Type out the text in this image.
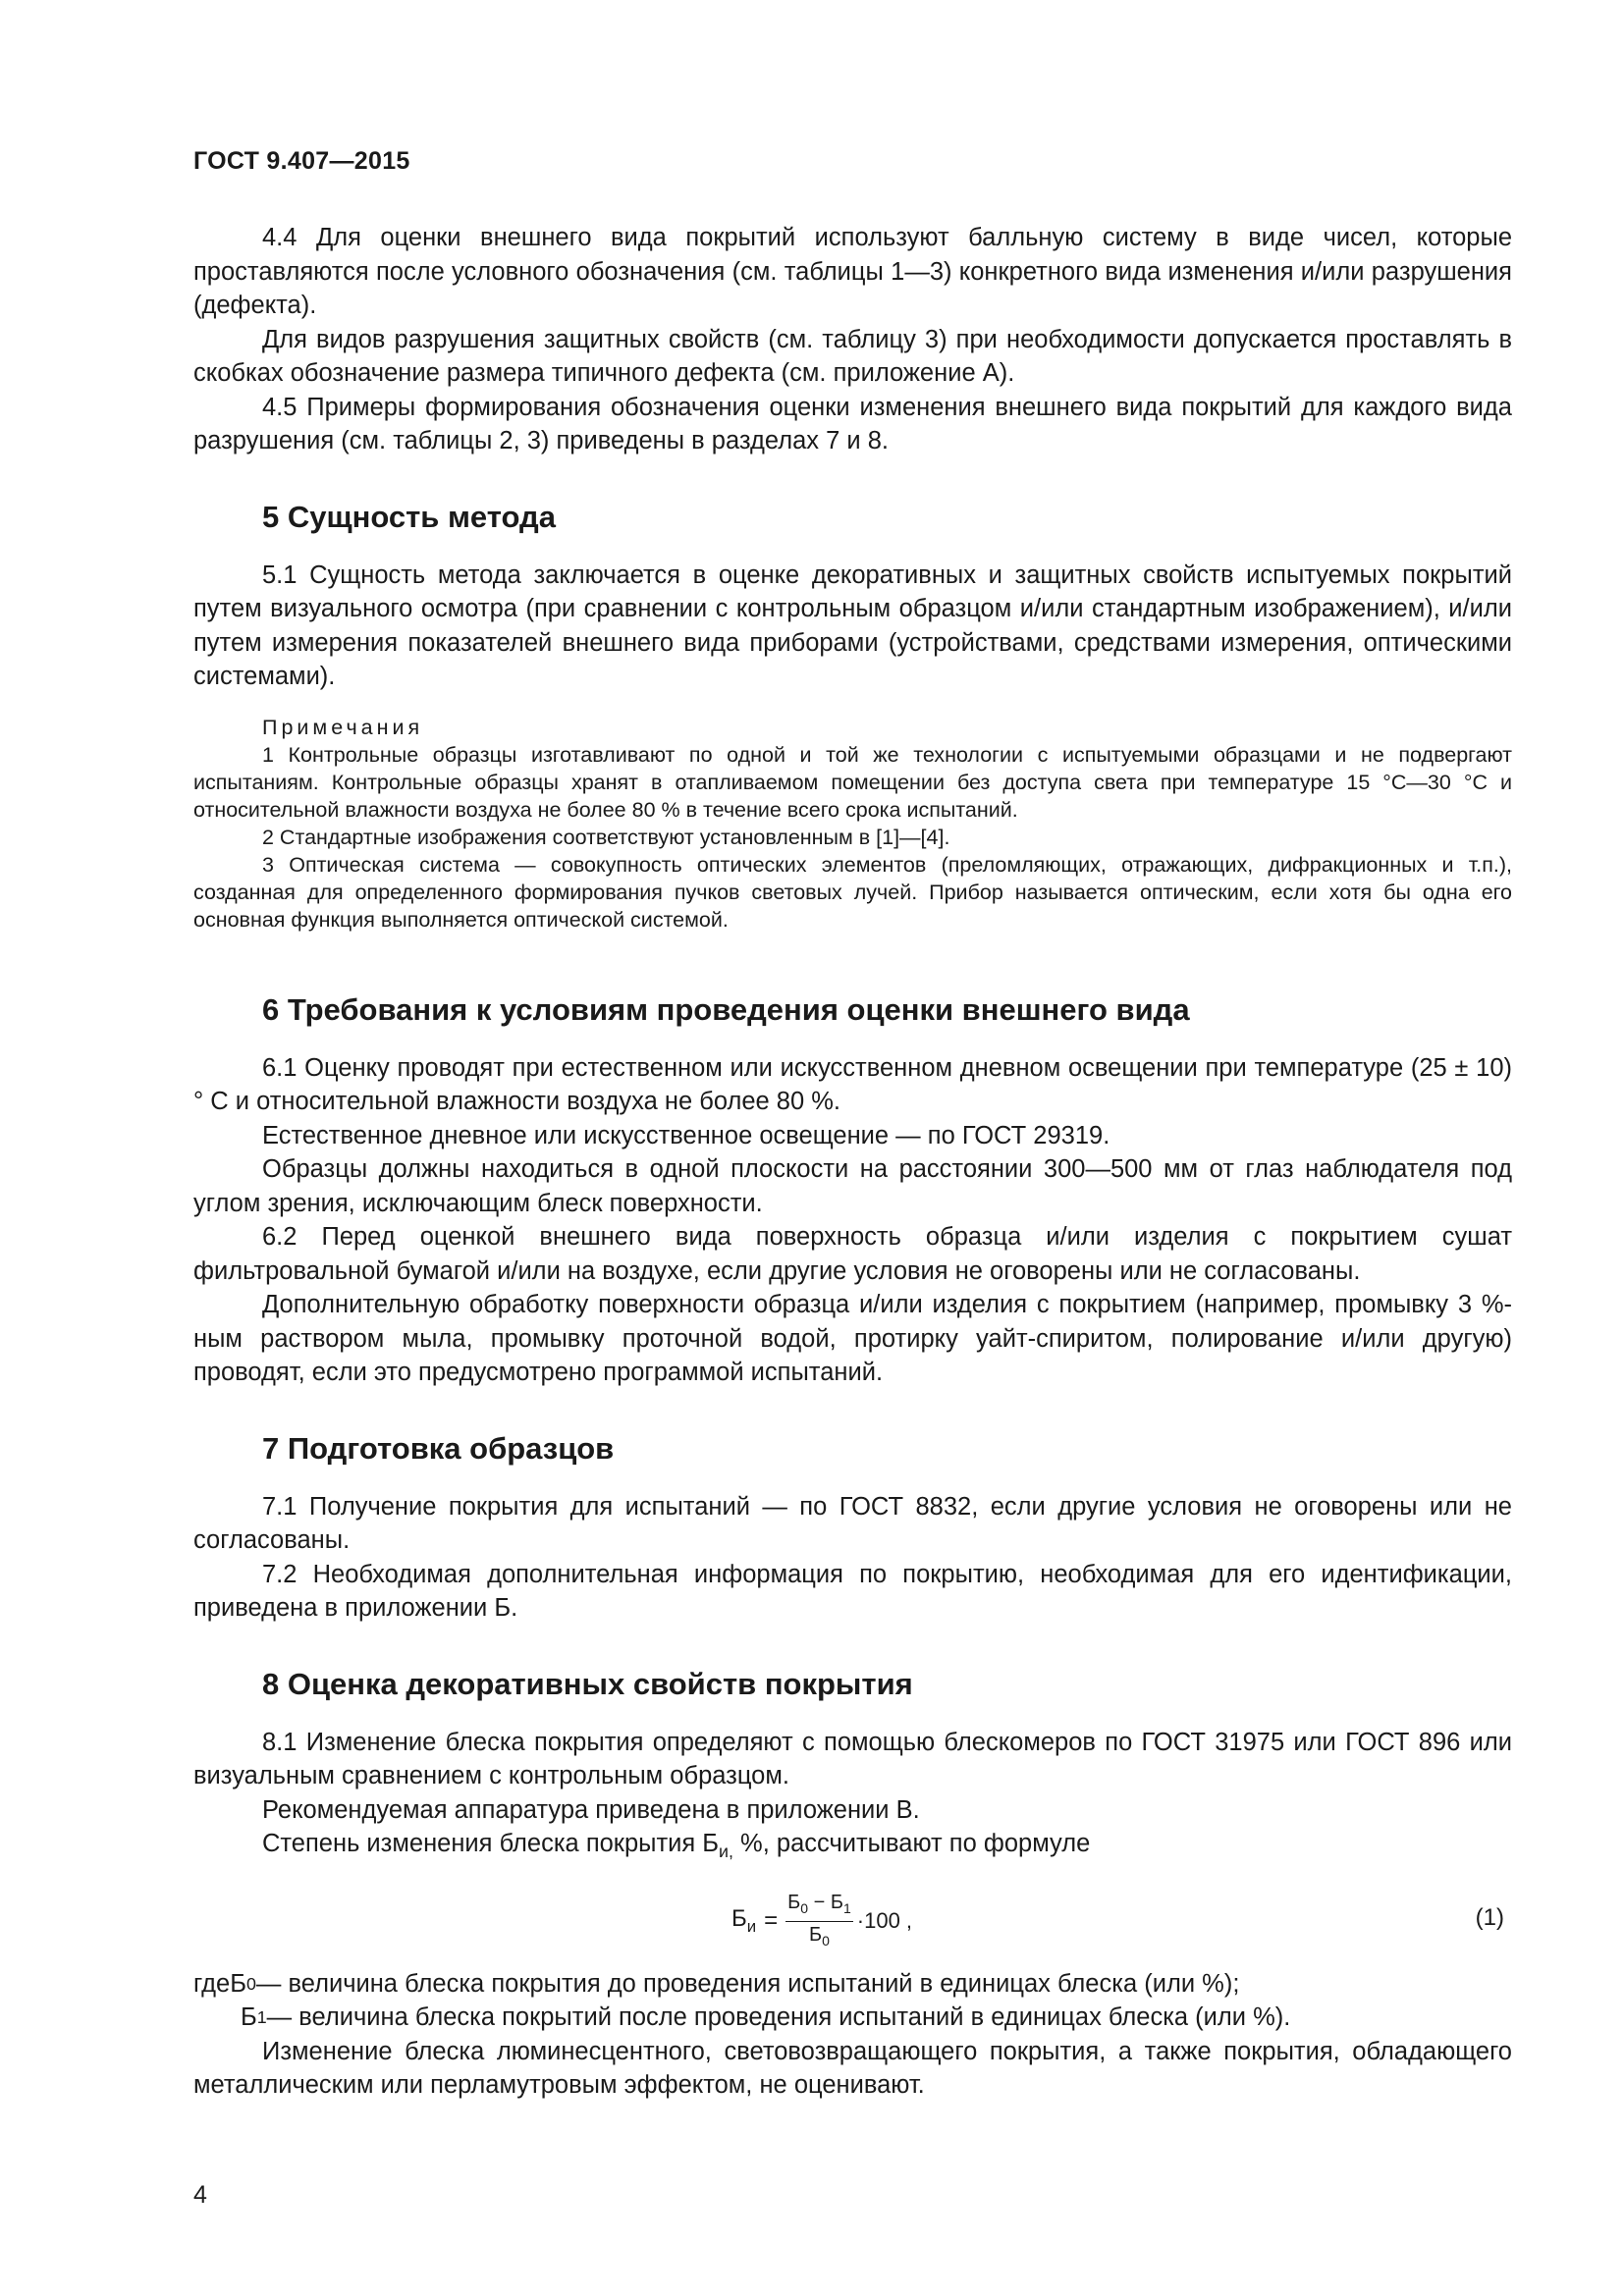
ГОСТ 9.407—2015

4.4 Для оценки внешнего вида покрытий используют балльную систему в виде чисел, которые проставляются после условного обозначения (см. таблицы 1—3) конкретного вида изменения и/или разрушения (дефекта).

Для видов разрушения защитных свойств (см. таблицу 3) при необходимости допускается проставлять в скобках обозначение размера типичного дефекта (см. приложение А).

4.5 Примеры формирования обозначения оценки изменения внешнего вида покрытий для каждого вида разрушения (см. таблицы 2, 3) приведены в разделах 7 и 8.

5 Сущность метода

5.1 Сущность метода заключается в оценке декоративных и защитных свойств испытуемых покрытий путем визуального осмотра (при сравнении с контрольным образцом и/или стандартным изображением), и/или путем измерения показателей внешнего вида приборами (устройствами, средствами измерения, оптическими системами).

Примечания

1 Контрольные образцы изготавливают по одной и той же технологии с испытуемыми образцами и не подвергают испытаниям. Контрольные образцы хранят в отапливаемом помещении без доступа света при температуре 15 °С—30 °С и относительной влажности воздуха не более 80 % в течение всего срока испытаний.

2 Стандартные изображения соответствуют установленным в [1]—[4].

3 Оптическая система — совокупность оптических элементов (преломляющих, отражающих, дифракционных и т.п.), созданная для определенного формирования пучков световых лучей. Прибор называется оптическим, если хотя бы одна его основная функция выполняется оптической системой.

6 Требования к условиям проведения оценки внешнего вида

6.1 Оценку проводят при естественном или искусственном дневном освещении при температуре (25 ± 10)° С и относительной влажности воздуха не более 80 %.

Естественное дневное или искусственное освещение — по ГОСТ 29319.

Образцы должны находиться в одной плоскости на расстоянии 300—500 мм от глаз наблюдателя под углом зрения, исключающим блеск поверхности.

6.2 Перед оценкой внешнего вида поверхность образца и/или изделия с покрытием сушат фильтровальной бумагой и/или на воздухе, если другие условия не оговорены или не согласованы.

Дополнительную обработку поверхности образца и/или изделия с покрытием (например, промывку 3 %-ным раствором мыла, промывку проточной водой, протирку уайт-спиритом, полирование и/или другую) проводят, если это предусмотрено программой испытаний.

7 Подготовка образцов

7.1 Получение покрытия для испытаний — по ГОСТ 8832, если другие условия не оговорены или не согласованы.

7.2 Необходимая дополнительная информация по покрытию, необходимая для его идентификации, приведена в приложении Б.

8 Оценка декоративных свойств покрытия

8.1 Изменение блеска покрытия определяют с помощью блескомеров по ГОСТ 31975 или ГОСТ 896 или визуальным сравнением с контрольным образцом.

Рекомендуемая аппаратура приведена в приложении В.

Степень изменения блеска покрытия $Б_{и,}$ %, рассчитывают по формуле

$Б_и = \frac{Б_0 - Б_1}{Б_0} \cdot 100$ ,	(1)
где Б 0 — величина блеска покрытия до проведения испытаний в единицах блеска (или %);
Б 1 — величина блеска покрытий после проведения испытаний в единицах блеска (или %).

Изменение блеска люминесцентного, световозвращающего покрытия, а также покрытия, обладающего металлическим или перламутровым эффектом, не оценивают.

4
